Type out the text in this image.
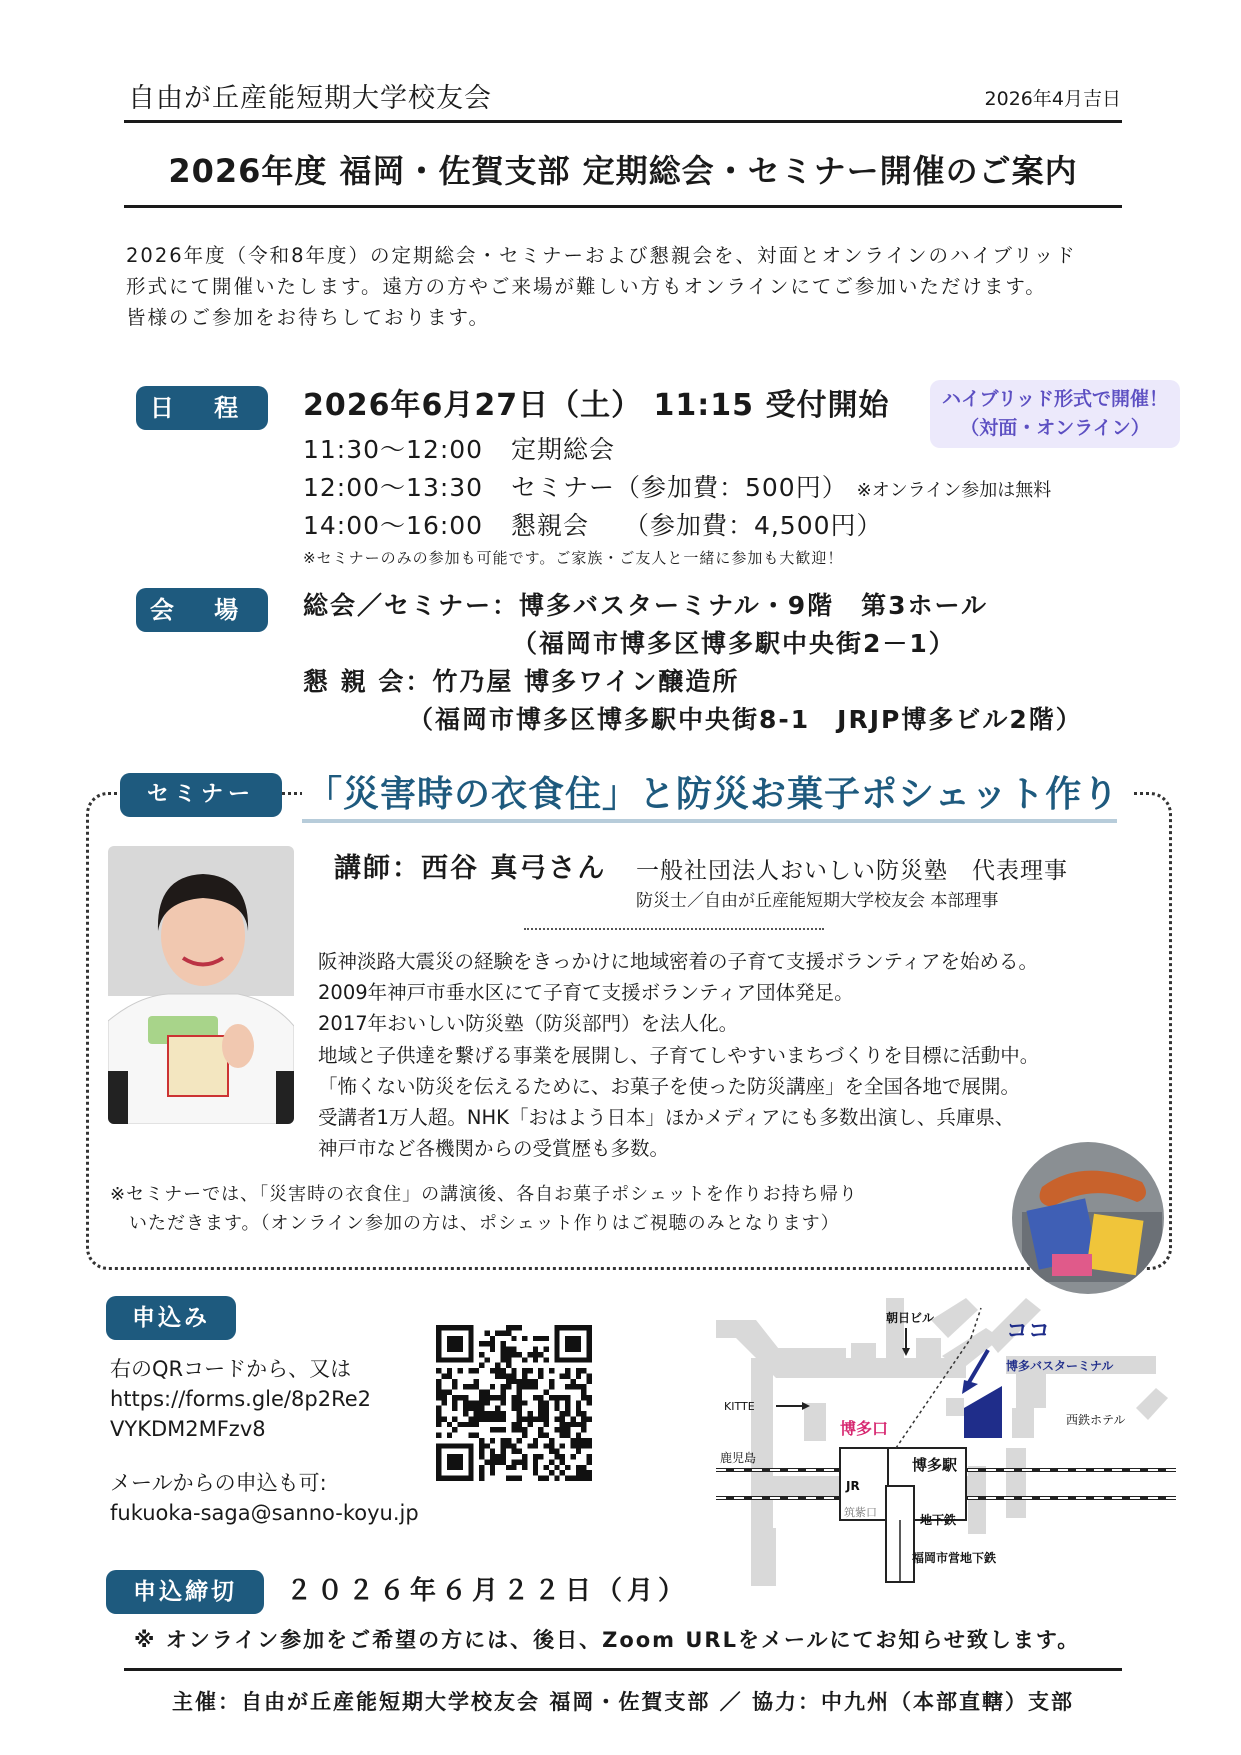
自由が丘産能短期大学校友会	2026年4月吉日
2026年度 福岡・佐賀支部 定期総会・セミナー開催のご案内
2026年度（令和8年度）の定期総会・セミナーおよび懇親会を、対面とオンラインのハイブリッド
形式にて開催いたします。遠方の方やご来場が難しい方もオンラインにてご参加いただけます。
皆様のご参加をお待ちしております。
日 程	2026年6月27日（土） 11:15 受付開始	ハイブリッド形式で開催！
（対面・オンライン）
11:30～12:00 定期総会
12:00～13:30 セミナー（参加費：500円） ※オンライン参加は無料
14:00～16:00 懇親会　 （参加費：4,500円）
※セミナーのみの参加も可能です。ご家族・ご友人と一緒に参加も大歓迎！
会 場	総会／セミナー：博多バスターミナル・9階　第3ホール
（福岡市博多区博多駅中央街2－1）
懇 親 会：竹乃屋 博多ワイン醸造所
（福岡市博多区博多駅中央街8-1　JRJP博多ビル2階）
セミナー	「災害時の衣食住」と防災お菓子ポシェット作り
講師：西谷 真弓さん 一般社団法人おいしい防災塾　代表理事
防災士／自由が丘産能短期大学校友会 本部理事
阪神淡路大震災の経験をきっかけに地域密着の子育て支援ボランティアを始める。
2009年神戸市垂水区にて子育て支援ボランティア団体発足。
2017年おいしい防災塾（防災部門）を法人化。
地域と子供達を繋げる事業を展開し、子育てしやすいまちづくりを目標に活動中。
「怖くない防災を伝えるために、お菓子を使った防災講座」を全国各地で展開。
受講者1万人超。NHK「おはよう日本」ほかメディアにも多数出演し、兵庫県、
神戸市など各機関からの受賞歴も多数。
※セミナーでは、「災害時の衣食住」の講演後、各自お菓子ポシェットを作りお持ち帰り
　いただきます。（オンライン参加の方は、ポシェット作りはご視聴のみとなります）
申込み
右のQRコードから、又は
https://forms.gle/8p2Re2
VYKDM2MFzv8
メールからの申込も可:
fukuoka-saga@sanno-koyu.jp
朝日ビル
ココ
博多バスターミナル
KITTE
博多口	西鉄ホテル
鹿児島
JR
博多駅
筑紫口
地下鉄
福岡市営地下鉄
申込締切	２０２６年６月２２日（月）
※ オンライン参加をご希望の方には、後日、Zoom URLをメールにてお知らせ致します。
主催：自由が丘産能短期大学校友会 福岡・佐賀支部 ／ 協力：中九州（本部直轄）支部
